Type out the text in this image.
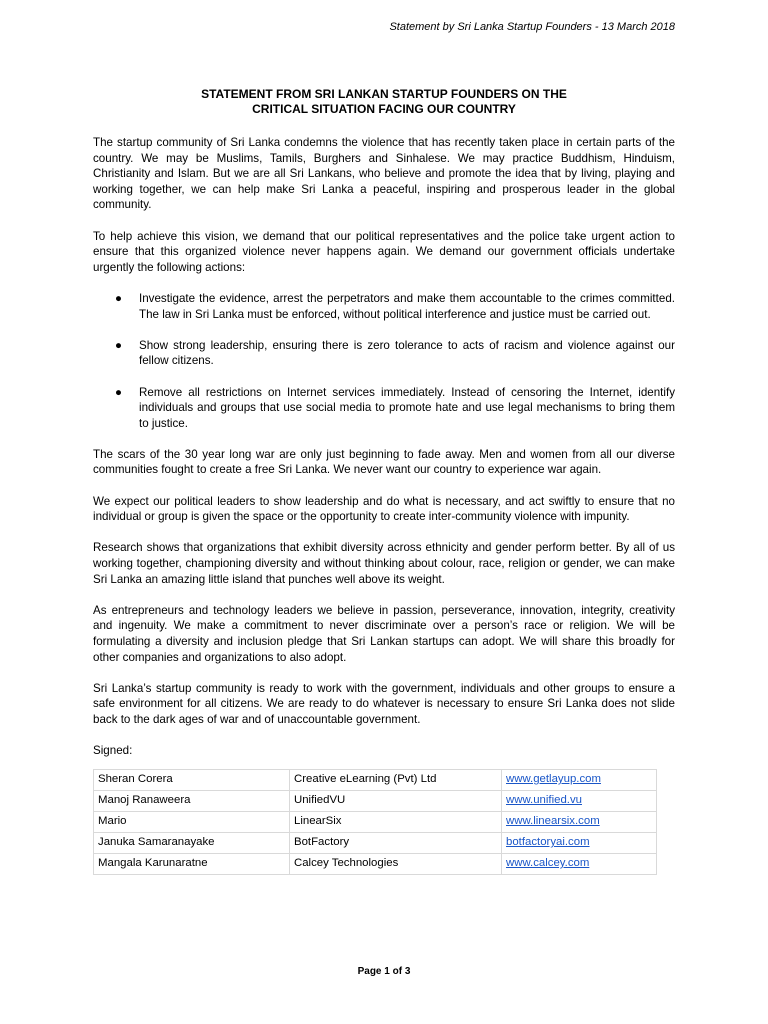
Statement by Sri Lanka Startup Founders - 13 March 2018
STATEMENT FROM SRI LANKAN STARTUP FOUNDERS ON THE
CRITICAL SITUATION FACING OUR COUNTRY

The startup community of Sri Lanka condemns the violence that has recently taken place in certain parts of the country. We may be Muslims, Tamils, Burghers and Sinhalese. We may practice Buddhism, Hinduism, Christianity and Islam. But we are all Sri Lankans, who believe and promote the idea that by living, playing and working together, we can help make Sri Lanka a peaceful, inspiring and prosperous leader in the global community.

To help achieve this vision, we demand that our political representatives and the police take urgent action to ensure that this organized violence never happens again. We demand our government officials undertake urgently the following actions:

● Investigate the evidence, arrest the perpetrators and make them accountable to the crimes committed. The law in Sri Lanka must be enforced, without political interference and justice must be carried out.
● Show strong leadership, ensuring there is zero tolerance to acts of racism and violence against our fellow citizens.
● Remove all restrictions on Internet services immediately. Instead of censoring the Internet, identify individuals and groups that use social media to promote hate and use legal mechanisms to bring them to justice.

The scars of the 30 year long war are only just beginning to fade away. Men and women from all our diverse communities fought to create a free Sri Lanka. We never want our country to experience war again.

We expect our political leaders to show leadership and do what is necessary, and act swiftly to ensure that no individual or group is given the space or the opportunity to create inter-community violence with impunity.

Research shows that organizations that exhibit diversity across ethnicity and gender perform better. By all of us working together, championing diversity and without thinking about colour, race, religion or gender, we can make Sri Lanka an amazing little island that punches well above its weight.

As entrepreneurs and technology leaders we believe in passion, perseverance, innovation, integrity, creativity and ingenuity. We make a commitment to never discriminate over a person’s race or religion. We will be formulating a diversity and inclusion pledge that Sri Lankan startups can adopt. We will share this broadly for other companies and organizations to also adopt.

Sri Lanka’s startup community is ready to work with the government, individuals and other groups to ensure a safe environment for all citizens. We are ready to do whatever is necessary to ensure Sri Lanka does not slide back to the dark ages of war and of unaccountable government.

Signed:
Sheran Corera	Creative eLearning (Pvt) Ltd	www.getlayup.com
Manoj Ranaweera	UnifiedVU	www.unified.vu
Mario	LinearSix	www.linearsix.com
Januka Samaranayake	BotFactory	botfactoryai.com
Mangala Karunaratne	Calcey Technologies	www.calcey.com
Page 1 of 3
